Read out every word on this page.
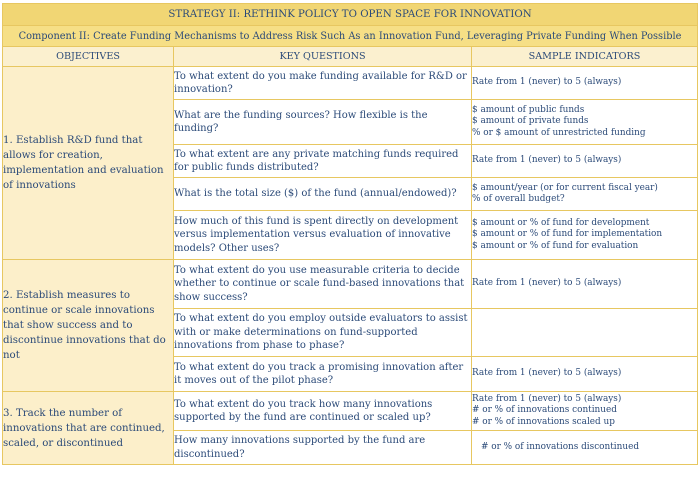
STRATEGY II: RETHINK POLICY TO OPEN SPACE FOR INNOVATION		
Component II: Create Funding Mechanisms to Address Risk Such As an Innovation Fund, Leveraging Private Funding When Possible		
OBJECTIVES	KEY QUESTIONS	SAMPLE INDICATORS
1. Establish R&D fund that allows for creation, implementation and evaluation of innovations	To what extent do you make funding available for R&D or innovation?	Rate from 1 (never) to 5 (always)

	What are the funding sources? How flexible is the funding?	$ amount of public funds
$ amount of private funds
% or $ amount of unrestricted funding

	To what extent are any private matching funds required for public funds distributed?	Rate from 1 (never) to 5 (always)

	What is the total size ($) of the fund (annual/endowed)?	$ amount/year (or for current fiscal year)
% of overall budget?

	How much of this fund is spent directly on development versus implementation versus evaluation of innovative models? Other uses?	$ amount or % of fund for development
$ amount or % of fund for implementation
$ amount or % of fund for evaluation

2. Establish measures to continue or scale innovations that show success and to discontinue innovations that do not	To what extent do you use measurable criteria to decide whether to continue or scale fund-based innovations that show success?	Rate from 1 (never) to 5 (always)

	To what extent do you employ outside evaluators to assist with or make determinations on fund-supported innovations from phase to phase?	
	To what extent do you track a promising innovation after it moves out of the pilot phase?	Rate from 1 (never) to 5 (always)

3. Track the number of innovations that are continued, scaled, or discontinued	To what extent do you track how many innovations supported by the fund are continued or scaled up?	Rate from 1 (never) to 5 (always)
# or % of innovations continued
# or % of innovations scaled up

	How many innovations supported by the fund are discontinued?	# or % of innovations discontinued
